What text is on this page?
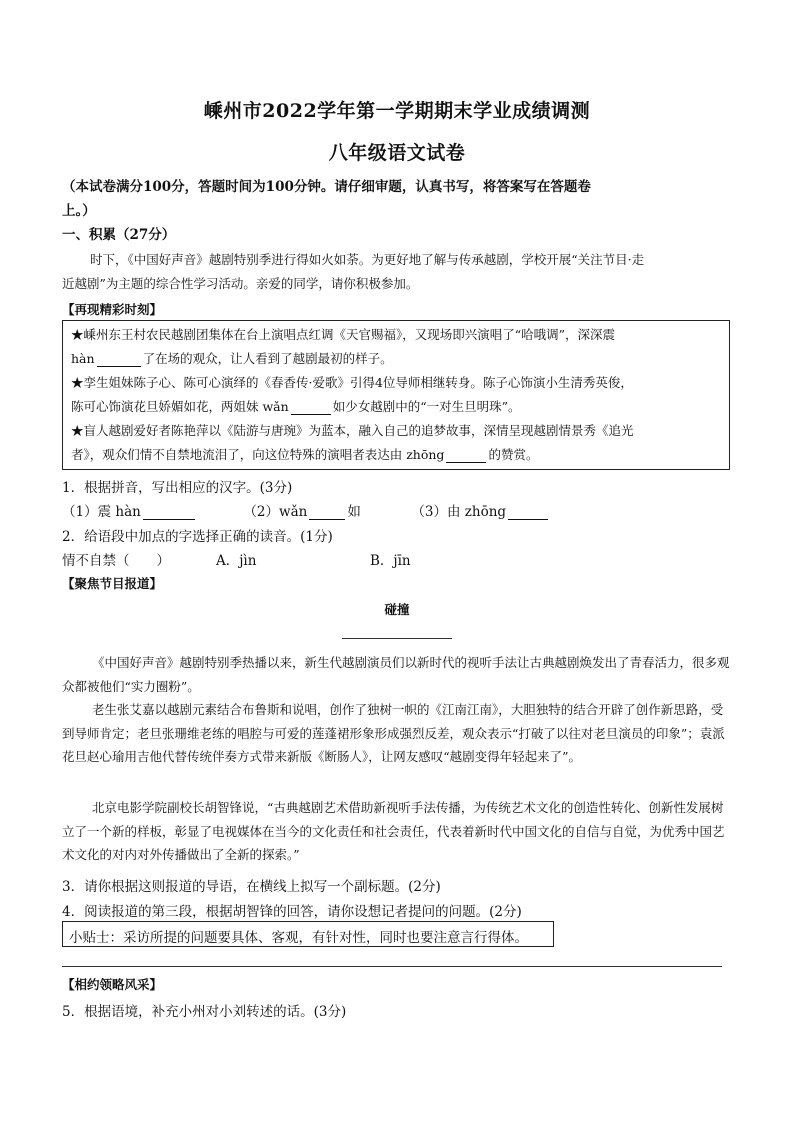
嵊州市2022学年第一学期期末学业成绩调测
八年级语文试卷
（本试卷满分100分，答题时间为100分钟。请仔细审题，认真书写，将答案写在答题卷
上。）
一、积累（27分）
时下，《中国好声音》越剧特别季进行得如火如荼。为更好地了解与传承越剧，学校开展“关注节目·走
近越剧”为主题的综合性学习活动。亲爱的同学，请你积极参加。
【再现精彩时刻】
★嵊州东王村农民越剧团集体在台上演唱点红调《天官赐福》，又现场即兴演唱了“哈哦调”，深深震
hàn	了在场的观众，让人看到了越剧最初的样子。
★孪生姐妹陈子心、陈可心演绎的《春香传·爱歌》引得4位导师相继转身。陈子心饰演小生清秀英俊，
陈可心饰演花旦娇媚如花，两姐妹 wǎn	如少女越剧中的“一对生旦明珠”。
★盲人越剧爱好者陈艳萍以《陆游与唐琬》为蓝本，融入自己的追梦故事，深情呈现越剧情景秀《追光
者》，观众们情不自禁地流泪了，向这位特殊的演唱者表达由 zhōng	的赞赏。
1．根据拼音，写出相应的汉字。(3分)
（1）震 hàn	（2）wǎn	如	（3）由 zhōng
2．给语段中加点的字选择正确的读音。(1分)
情不自禁（　　）	A．jìn	B．jīn
【聚焦节目报道】
碰撞
《中国好声音》越剧特别季热播以来，新生代越剧演员们以新时代的视听手法让古典越剧焕发出了青春活力，很多观众都被他们“实力圈粉”。
老生张艾嘉以越剧元素结合布鲁斯和说唱，创作了独树一帜的《江南江南》，大胆独特的结合开辟了创作新思路，受到导师肯定；老旦张珊维老练的唱腔与可爱的莲蓬裙形象形成强烈反差，观众表示“打破了以往对老旦演员的印象”；袁派花旦赵心瑜用吉他代替传统伴奏方式带来新版《断肠人》，让网友感叹“越剧变得年轻起来了”。
北京电影学院副校长胡智锋说，“古典越剧艺术借助新视听手法传播，为传统艺术文化的创造性转化、创新性发展树立了一个新的样板，彰显了电视媒体在当今的文化责任和社会责任，代表着新时代中国文化的自信与自觉，为优秀中国艺术文化的对内对外传播做出了全新的探索。”
3．请你根据这则报道的导语，在横线上拟写一个副标题。(2分)
4．阅读报道的第三段，根据胡智锋的回答，请你设想记者提问的问题。(2分)
小贴士：采访所提的问题要具体、客观，有针对性，同时也要注意言行得体。
【相约领略风采】
5．根据语境，补充小州对小刘转述的话。(3分)
